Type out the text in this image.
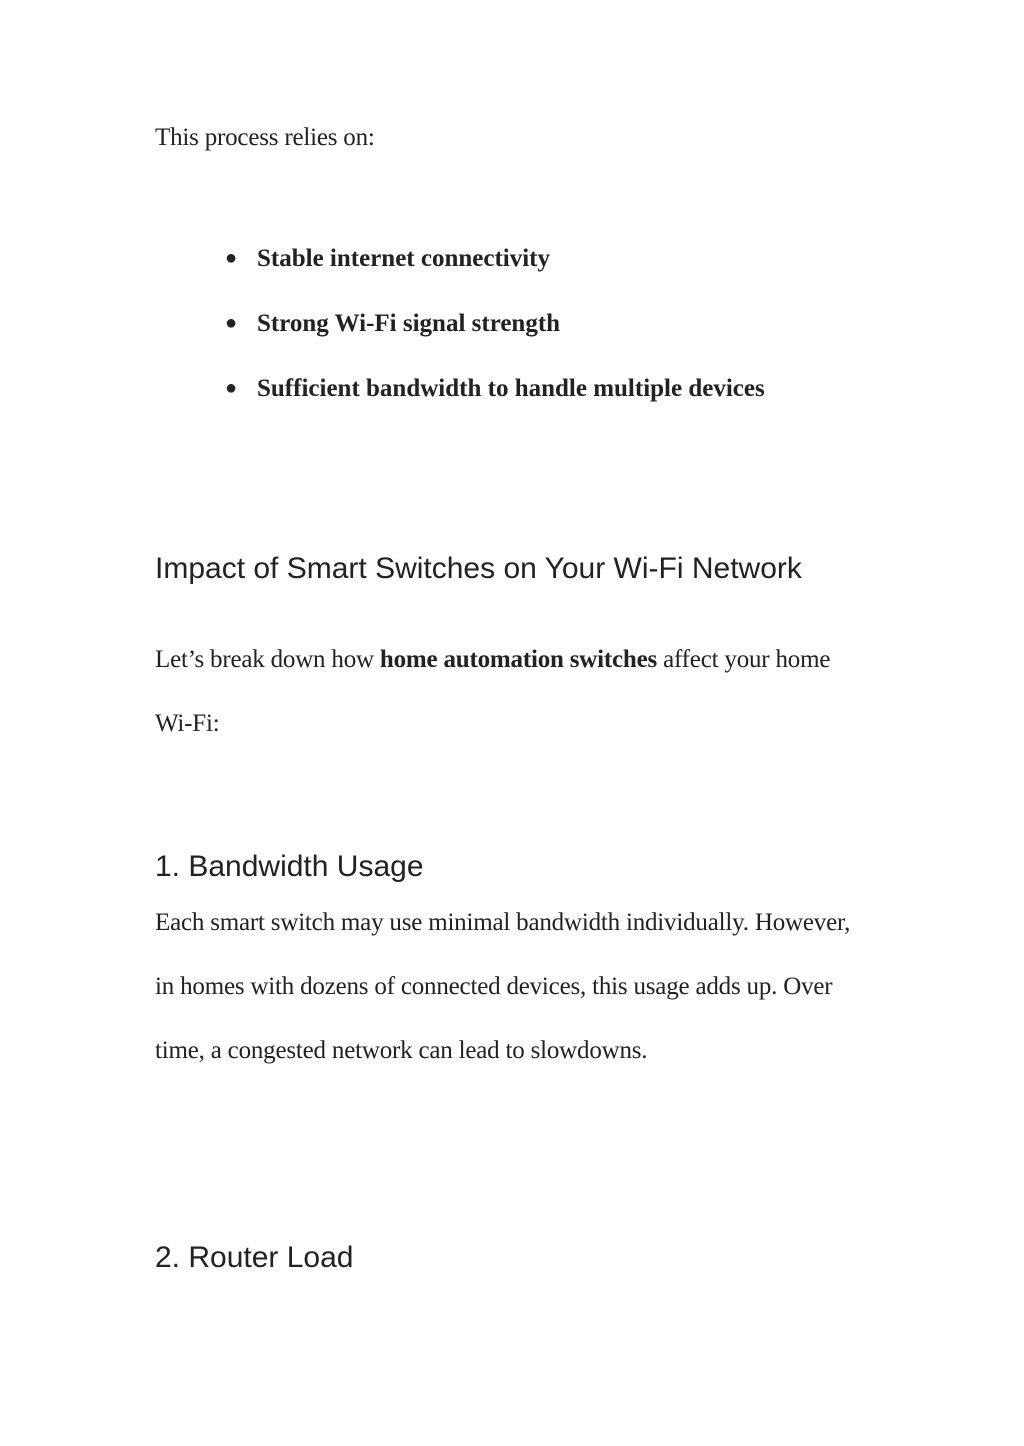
This process relies on:

● Stable internet connectivity
● Strong Wi-Fi signal strength
● Sufficient bandwidth to handle multiple devices
Impact of Smart Switches on Your Wi-Fi Network

Let’s break down how home automation switches affect your home Wi-Fi:

1. Bandwidth Usage

Each smart switch may use minimal bandwidth individually. However, in homes with dozens of connected devices, this usage adds up. Over time, a congested network can lead to slowdowns.

2. Router Load
